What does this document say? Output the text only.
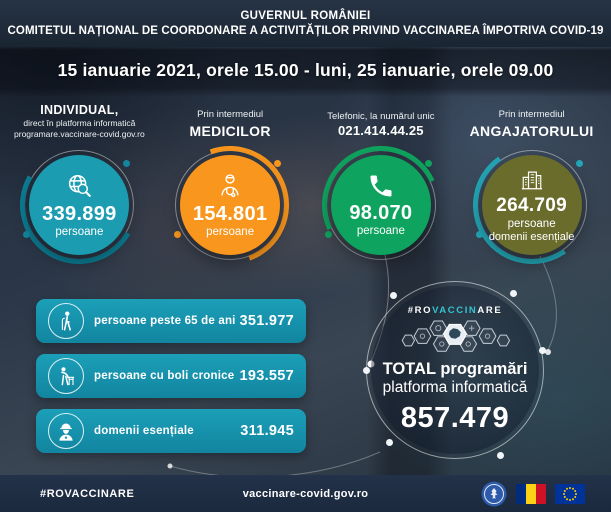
GUVERNUL ROMÂNIEI
COMITETUL NAȚIONAL DE COORDONARE A ACTIVITĂȚILOR PRIVIND VACCINAREA ÎMPOTRIVA COVID-19
15 ianuarie 2021, orele 15.00 - luni, 25 ianuarie, orele 09.00
INDIVIDUAL,
direct în platforma informatică
programare.vaccinare-covid.gov.ro
339.899
persoane
Prin intermediul
MEDICILOR
154.801
persoane
Telefonic, la numărul unic
021.414.44.25
98.070
persoane
Prin intermediul
ANGAJATORULUI
264.709
persoane
domenii esențiale
persoane peste 65 de ani 351.977
persoane cu boli cronice 193.557
domenii esențiale	311.945
#ROVACCINARE
TOTAL programări
platforma informatică
857.479
#ROVACCINARE	vaccinare-covid.gov.ro
